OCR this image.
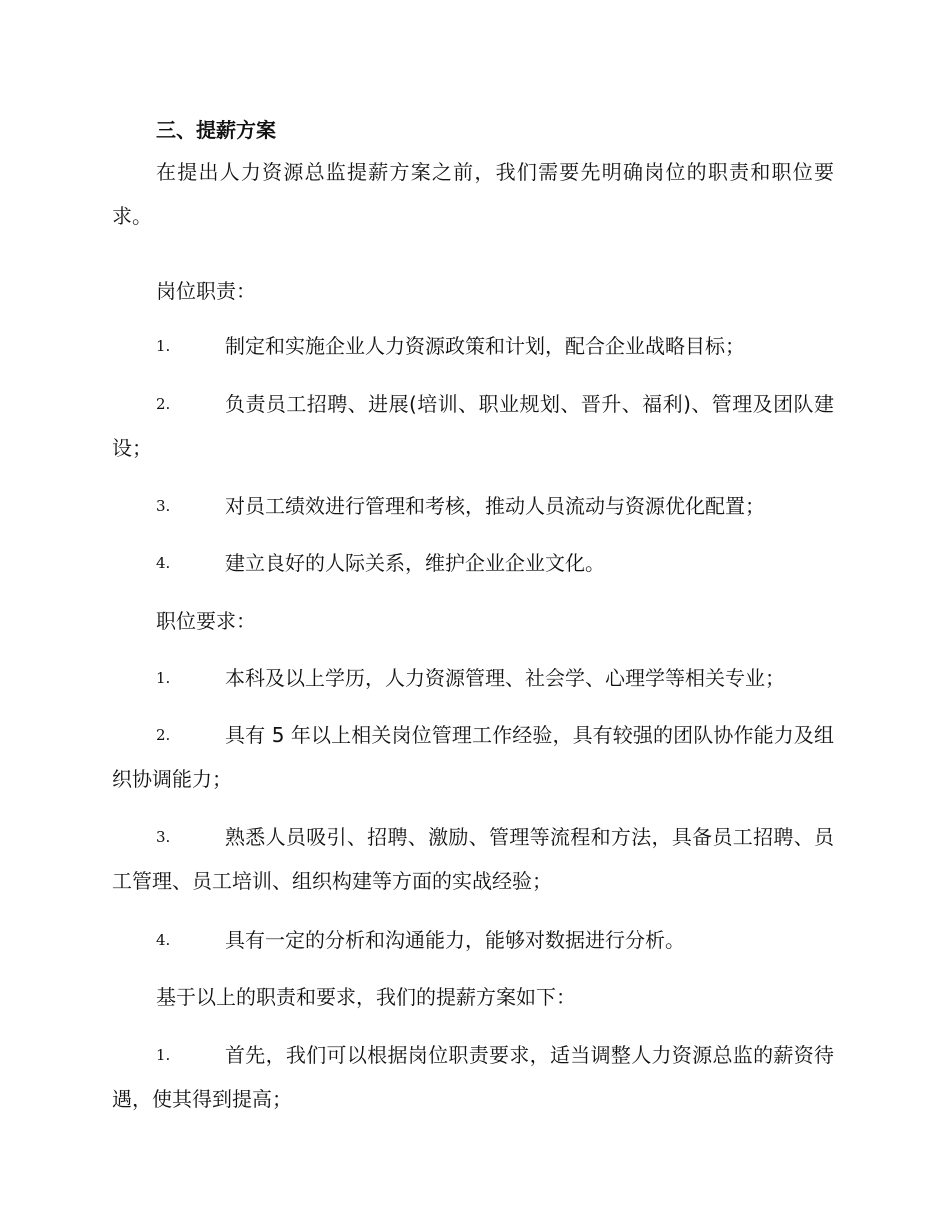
三、提薪方案

在提出人力资源总监提薪方案之前，我们需要先明确岗位的职责和职位要求。

岗位职责：

1.	制定和实施企业人力资源政策和计划，配合企业战略目标；
2.	负责员工招聘、进展(培训、职业规划、晋升、福利)、管理及团队建设；
3.	对员工绩效进行管理和考核，推动人员流动与资源优化配置；
4.	建立良好的人际关系，维护企业企业文化。

职位要求：

1.	本科及以上学历，人力资源管理、社会学、心理学等相关专业；
2.	具有 5 年以上相关岗位管理工作经验，具有较强的团队协作能力及组织协调能力；
3.	熟悉人员吸引、招聘、激励、管理等流程和方法，具备员工招聘、员工管理、员工培训、组织构建等方面的实战经验；
4.	具有一定的分析和沟通能力，能够对数据进行分析。

基于以上的职责和要求，我们的提薪方案如下：

1.	首先，我们可以根据岗位职责要求，适当调整人力资源总监的薪资待遇，使其得到提高；
